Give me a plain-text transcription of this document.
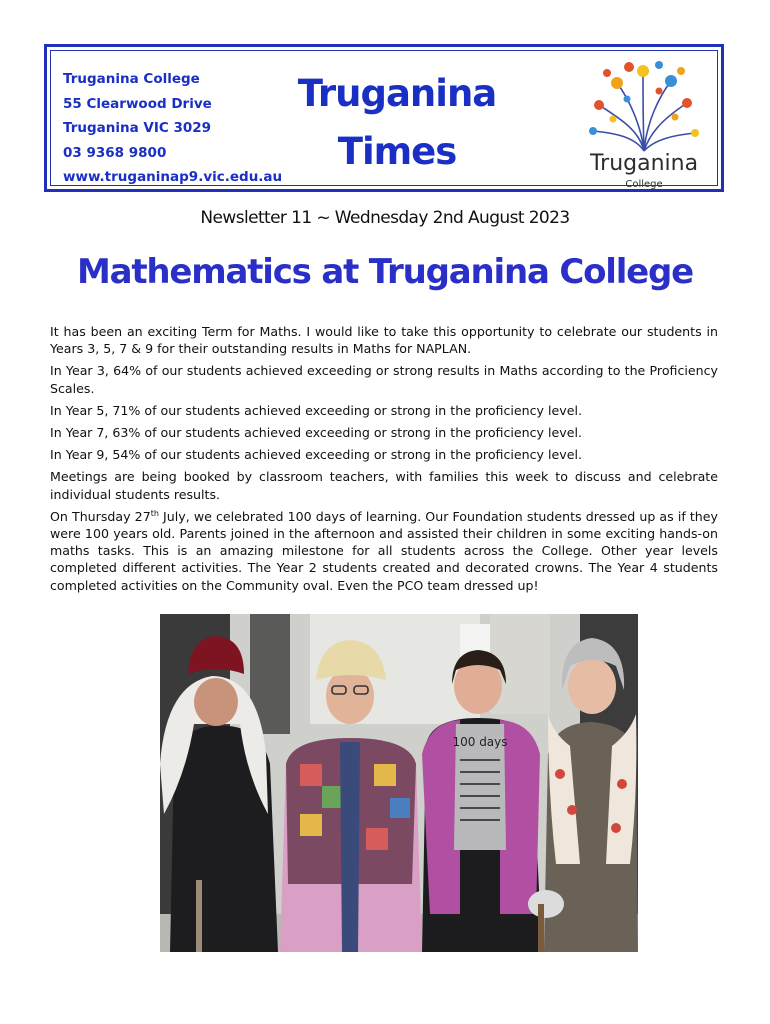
Truganina College
55 Clearwood Drive
Truganina VIC 3029
03 9368 9800
www.truganinap9.vic.edu.au
Truganina
Times	Truganina
College
Newsletter 11 ~ Wednesday 2nd August 2023
Mathematics at Truganina College

It has been an exciting Term for Maths. I would like to take this opportunity to celebrate our students in Years 3, 5, 7 & 9 for their outstanding results in Maths for NAPLAN.

In Year 3, 64% of our students achieved exceeding or strong results in Maths according to the Proficiency Scales.

In Year 5, 71% of our students achieved exceeding or strong in the proficiency level.

In Year 7, 63% of our students achieved exceeding or strong in the proficiency level.

In Year 9, 54% of our students achieved exceeding or strong in the proficiency level.

Meetings are being booked by classroom teachers, with families this week to discuss and celebrate individual students results.

On Thursday 27th July, we celebrated 100 days of learning. Our Foundation students dressed up as if they were 100 years old. Parents joined in the afternoon and assisted their children in some exciting hands-on maths tasks. This is an amazing milestone for all students across the College. Other year levels completed different activities. The Year 2 students created and decorated crowns. The Year 4 students completed activities on the Community oval. Even the PCO team dressed up!

100 days
